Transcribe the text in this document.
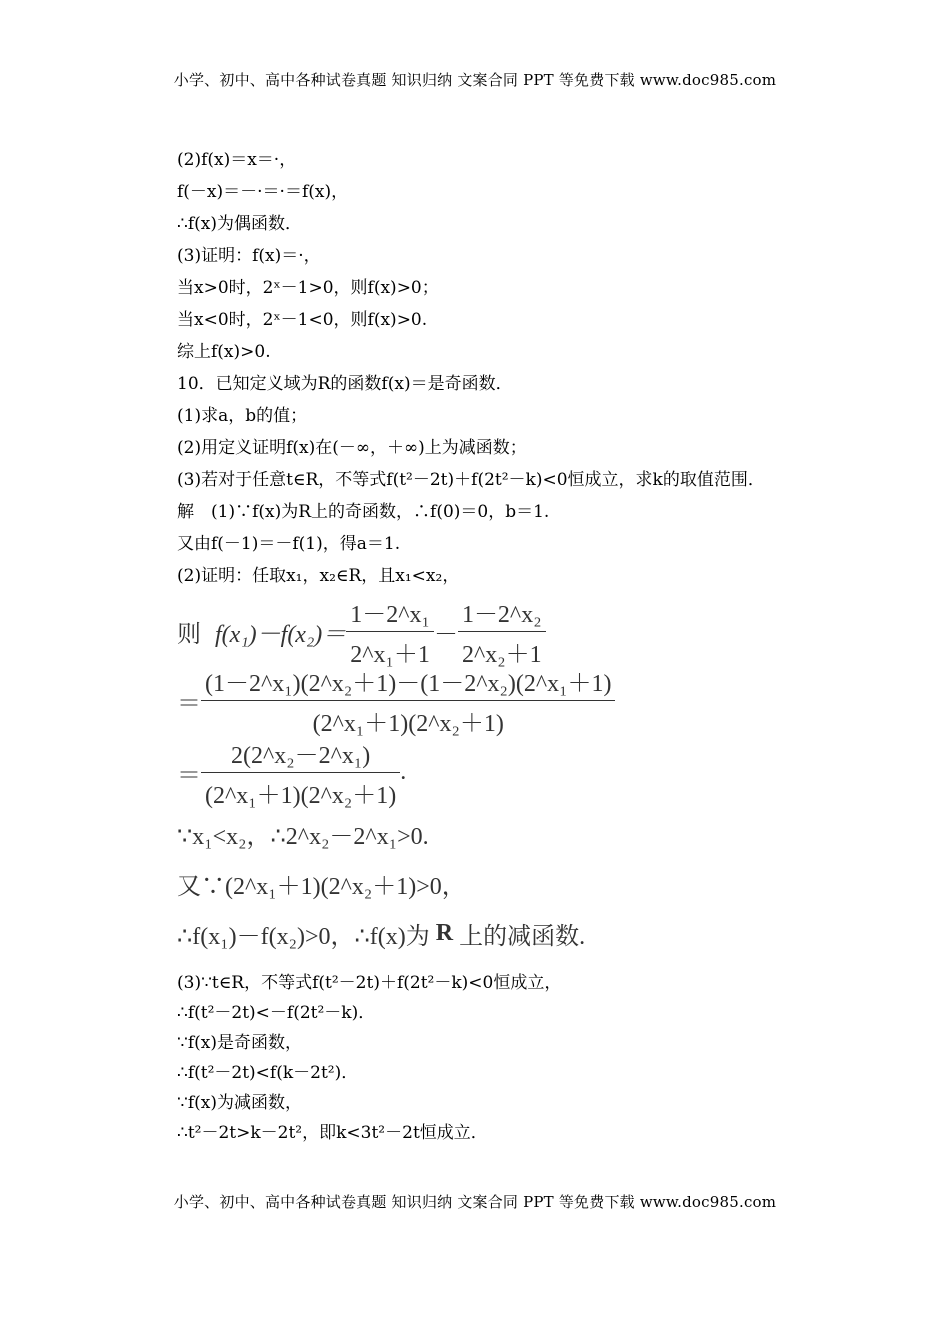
小学、初中、高中各种试卷真题 知识归纳 文案合同 PPT 等免费下载 www.doc985.com
(2)f(x)＝x＝·，
f(－x)＝－·＝·＝f(x)，
∴f(x)为偶函数．
(3)证明：f(x)＝·，
当x>0时，2ˣ－1>0，则f(x)>0；
当x<0时，2ˣ－1<0，则f(x)>0.
综上f(x)>0.
10．已知定义域为R的函数f(x)＝是奇函数．
(1)求a，b的值；
(2)用定义证明f(x)在(－∞，＋∞)上为减函数；
(3)若对于任意t∈R，不等式f(t²－2t)＋f(2t²－k)<0恒成立，求k的取值范围．
解　(1)∵f(x)为R上的奇函数，∴f(0)＝0，b＝1.
又由f(－1)＝－f(1)，得a＝1.
(2)证明：任取x₁，x₂∈R，且x₁<x₂，
则 $f(x_1)-f(x_2)= \frac{\text{1－2\textasciicircum{}x₁}}{\text{2\textasciicircum{}x₁＋1}} - \frac{\text{1－2\textasciicircum{}x₂}}{\text{2\textasciicircum{}x₂＋1}}$
＝ $\frac{\text{(1－2\textasciicircum{}x₁)(2\textasciicircum{}x₂＋1)－(1－2\textasciicircum{}x₂)(2\textasciicircum{}x₁＋1)}}{\text{(2\textasciicircum{}x₁＋1)(2\textasciicircum{}x₂＋1)}}$
＝ $\frac{\text{2(2\textasciicircum{}x₂－2\textasciicircum{}x₁)}}{\text{(2\textasciicircum{}x₁＋1)(2\textasciicircum{}x₂＋1)}}$ .
∵x₁<x₂，∴2^x₂－2^x₁>0.
又∵(2^x₁＋1)(2^x₂＋1)>0，
∴f(x₁)－f(x₂)>0，∴f(x)为 R 上的减函数.
(3)∵t∈R，不等式f(t²－2t)＋f(2t²－k)<0恒成立，
∴f(t²－2t)<－f(2t²－k)．
∵f(x)是奇函数，
∴f(t²－2t)<f(k－2t²)．
∵f(x)为减函数，
∴t²－2t>k－2t²，即k<3t²－2t恒成立．
小学、初中、高中各种试卷真题 知识归纳 文案合同 PPT 等免费下载 www.doc985.com
